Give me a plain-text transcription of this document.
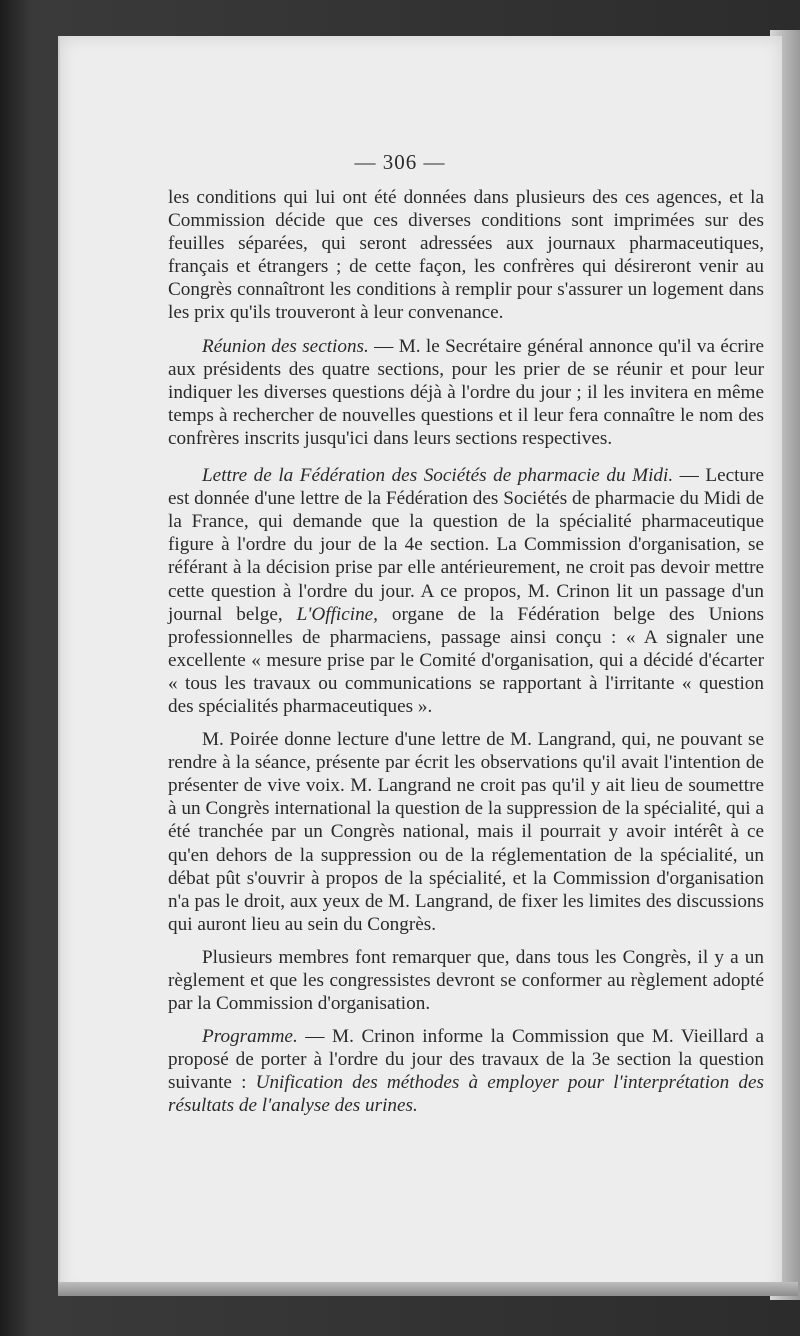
— 306 —

les conditions qui lui ont été données dans plusieurs des ces agences, et la Commission décide que ces diverses conditions sont imprimées sur des feuilles séparées, qui seront adressées aux journaux pharmaceutiques, français et étrangers ; de cette façon, les confrères qui désireront venir au Congrès connaîtront les conditions à remplir pour s'assurer un logement dans les prix qu'ils trouveront à leur convenance.

Réunion des sections. — M. le Secrétaire général annonce qu'il va écrire aux présidents des quatre sections, pour les prier de se réunir et pour leur indiquer les diverses questions déjà à l'ordre du jour ; il les invitera en même temps à rechercher de nouvelles questions et il leur fera connaître le nom des confrères inscrits jusqu'ici dans leurs sections respectives.

Lettre de la Fédération des Sociétés de pharmacie du Midi. — Lecture est donnée d'une lettre de la Fédération des Sociétés de pharmacie du Midi de la France, qui demande que la question de la spécialité pharmaceutique figure à l'ordre du jour de la 4e section. La Commission d'organisation, se référant à la décision prise par elle antérieurement, ne croit pas devoir mettre cette question à l'ordre du jour. A ce propos, M. Crinon lit un passage d'un journal belge, L'Officine, organe de la Fédération belge des Unions professionnelles de pharmaciens, passage ainsi conçu : « A signaler une excellente « mesure prise par le Comité d'organisation, qui a décidé d'écarter « tous les travaux ou communications se rapportant à l'irritante « question des spécialités pharmaceutiques ».

M. Poirée donne lecture d'une lettre de M. Langrand, qui, ne pouvant se rendre à la séance, présente par écrit les observations qu'il avait l'intention de présenter de vive voix. M. Langrand ne croit pas qu'il y ait lieu de soumettre à un Congrès international la question de la suppression de la spécialité, qui a été tranchée par un Congrès national, mais il pourrait y avoir intérêt à ce qu'en dehors de la suppression ou de la réglementation de la spécialité, un débat pût s'ouvrir à propos de la spécialité, et la Commission d'organisation n'a pas le droit, aux yeux de M. Langrand, de fixer les limites des discussions qui auront lieu au sein du Congrès.

Plusieurs membres font remarquer que, dans tous les Congrès, il y a un règlement et que les congressistes devront se conformer au règlement adopté par la Commission d'organisation.

Programme. — M. Crinon informe la Commission que M. Vieillard a proposé de porter à l'ordre du jour des travaux de la 3e section la question suivante : Unification des méthodes à employer pour l'interprétation des résultats de l'analyse des urines.
